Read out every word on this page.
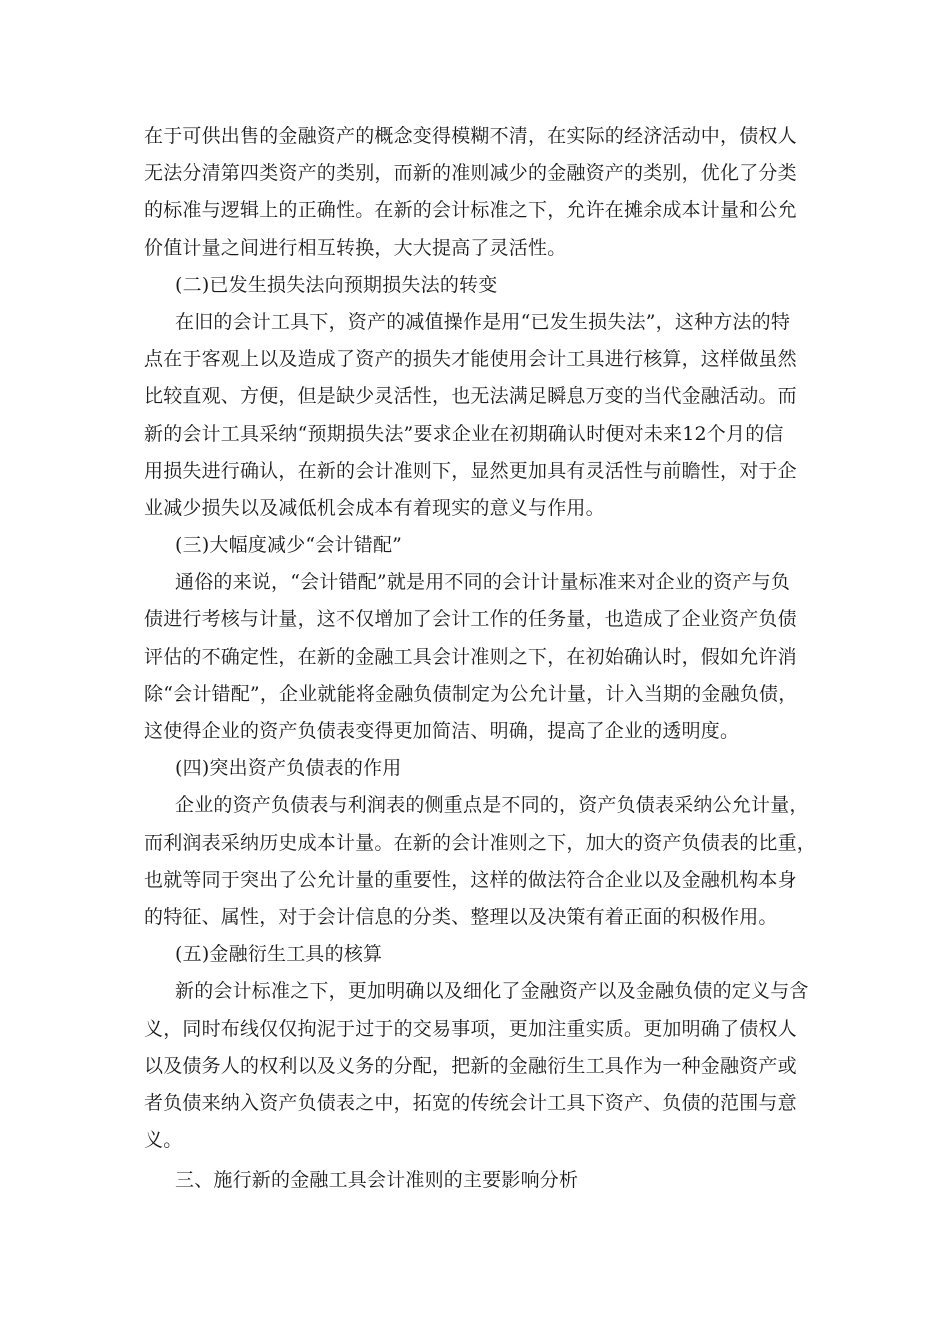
在于可供出售的金融资产的概念变得模糊不清，在实际的经济活动中，债权人
无法分清第四类资产的类别，而新的准则减少的金融资产的类别，优化了分类
的标准与逻辑上的正确性。在新的会计标准之下，允许在摊余成本计量和公允
价值计量之间进行相互转换，大大提高了灵活性。
(二)已发生损失法向预期损失法的转变
在旧的会计工具下，资产的减值操作是用“已发生损失法”，这种方法的特
点在于客观上以及造成了资产的损失才能使用会计工具进行核算，这样做虽然
比较直观、方便，但是缺少灵活性，也无法满足瞬息万变的当代金融活动。而
新的会计工具采纳“预期损失法”要求企业在初期确认时便对未来12个月的信
用损失进行确认，在新的会计准则下，显然更加具有灵活性与前瞻性，对于企
业减少损失以及减低机会成本有着现实的意义与作用。
(三)大幅度减少“会计错配”
通俗的来说，“会计错配”就是用不同的会计计量标准来对企业的资产与负
债进行考核与计量，这不仅增加了会计工作的任务量，也造成了企业资产负债
评估的不确定性，在新的金融工具会计准则之下，在初始确认时，假如允许消
除“会计错配”，企业就能将金融负债制定为公允计量，计入当期的金融负债，
这使得企业的资产负债表变得更加简洁、明确，提高了企业的透明度。
(四)突出资产负债表的作用
企业的资产负债表与利润表的侧重点是不同的，资产负债表采纳公允计量，
而利润表采纳历史成本计量。在新的会计准则之下，加大的资产负债表的比重，
也就等同于突出了公允计量的重要性，这样的做法符合企业以及金融机构本身
的特征、属性，对于会计信息的分类、整理以及决策有着正面的积极作用。
(五)金融衍生工具的核算
新的会计标准之下，更加明确以及细化了金融资产以及金融负债的定义与含
义，同时布线仅仅拘泥于过于的交易事项，更加注重实质。更加明确了债权人
以及债务人的权利以及义务的分配，把新的金融衍生工具作为一种金融资产或
者负债来纳入资产负债表之中，拓宽的传统会计工具下资产、负债的范围与意
义。
三、施行新的金融工具会计准则的主要影响分析
